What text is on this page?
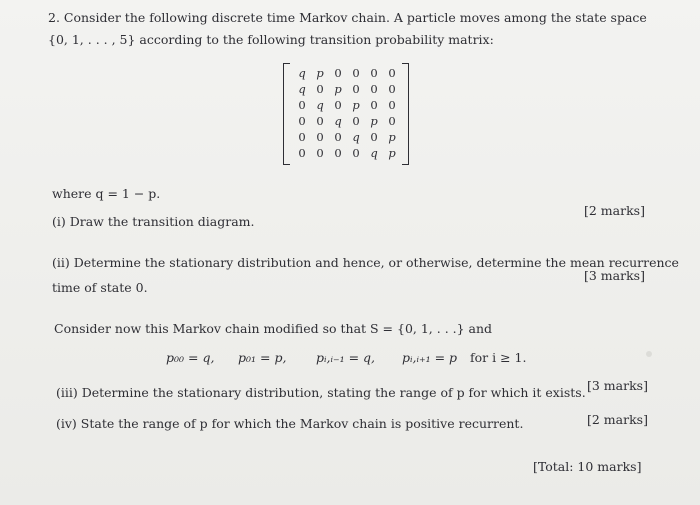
2. Consider the following discrete time Markov chain. A particle moves among the state space
{0, 1, . . . , 5} according to the following transition probability matrix:
q p 0 0 0 0
q 0 p 0 0 0
0 q 0 p 0 0
0 0 q 0 p 0
0 0 0 q 0 p
0 0 0 0 q p
where q = 1 − p.
(i) Draw the transition diagram.
[2 marks]
(ii) Determine the stationary distribution and hence, or otherwise, determine the mean recurrence
time of state 0.
[3 marks]
Consider now this Markov chain modified so that S = {0, 1, . . .} and
p₀₀ = q, p₀₁ = p, pᵢ,ᵢ₋₁ = q, pᵢ,ᵢ₊₁ = p for i ≥ 1.
(iii) Determine the stationary distribution, stating the range of p for which it exists. [3 marks]
(iv) State the range of p for which the Markov chain is positive recurrent.	[2 marks]
[Total: 10 marks]
